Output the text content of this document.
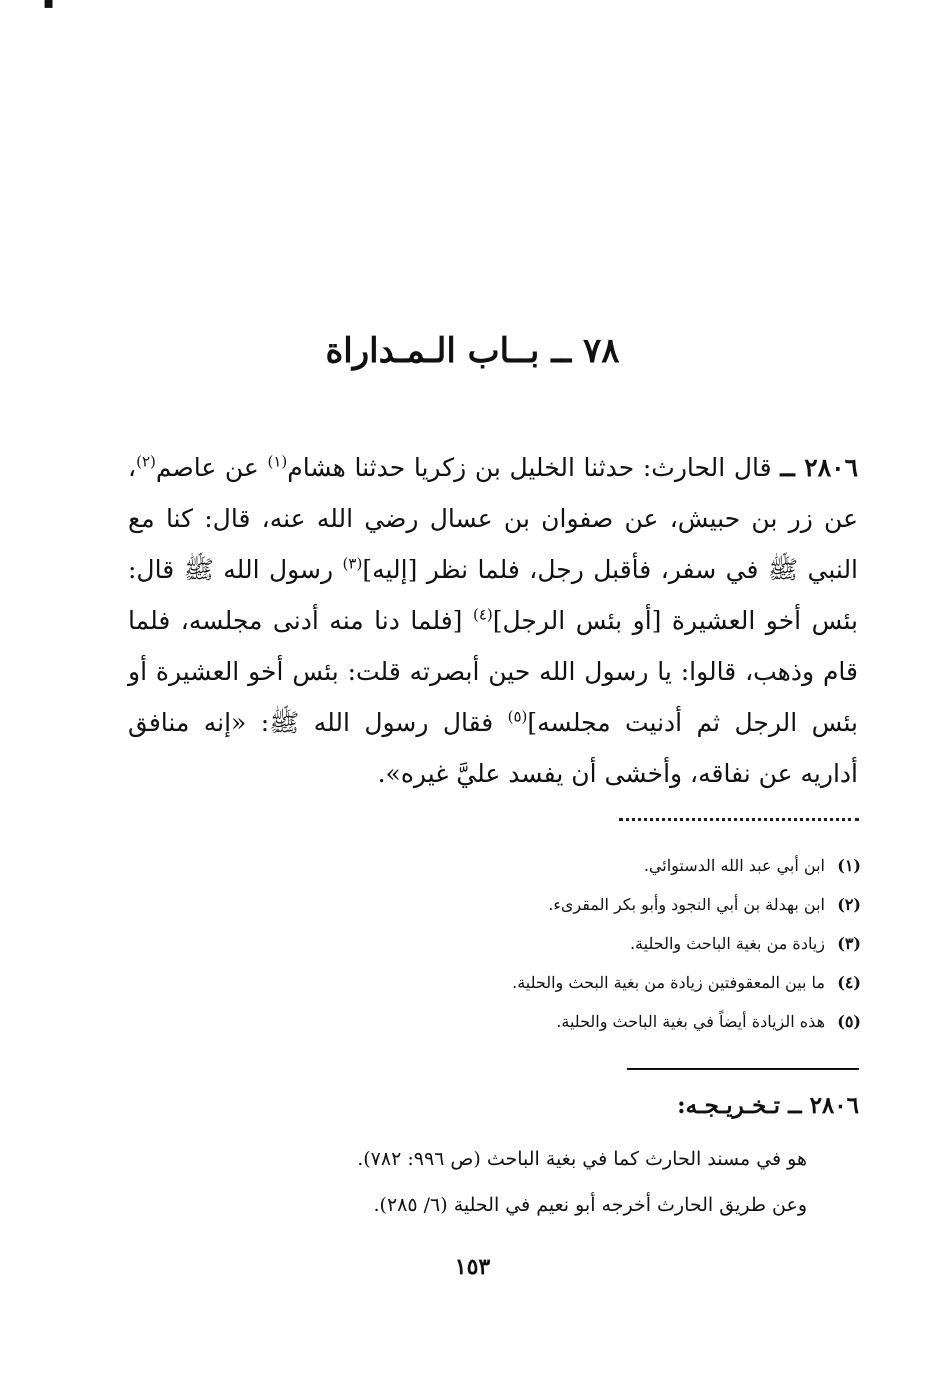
▪
٧٨ ــ بــاب الـمـداراة
٢٨٠٦ ــ قال الحارث: حدثنا الخليل بن زكريا حدثنا هشام$^{(١)}$ عن عاصم$^{(٢)}$، عن زر بن حبيش، عن صفوان بن عسال رضي الله عنه، قال: كنا مع النبي ﷺ في سفر، فأقبل رجل، فلما نظر [إليه]$^{(٣)}$ رسول الله ﷺ قال: بئس أخو العشيرة [أو بئس الرجل]$^{(٤)}$ [فلما دنا منه أدنى مجلسه، فلما قام وذهب، قالوا: يا رسول الله حين أبصرته قلت: بئس أخو العشيرة أو بئس الرجل ثم أدنيت مجلسه]$^{(٥)}$ فقال رسول الله ﷺ: «إنه منافق أداريه عن نفاقه، وأخشى أن يفسد عليَّ غيره».
(١)ابن أبي عبد الله الدستوائي.
(٢)ابن بهدلة بن أبي النجود وأبو بكر المقرىء.
(٣)زيادة من بغية الباحث والحلية.
(٤)ما بين المعقوفتين زيادة من بغية البحث والحلية.
(٥)هذه الزيادة أيضاً في بغية الباحث والحلية.
٢٨٠٦ ــ تـخـريـجـه:
هو في مسند الحارث كما في بغية الباحث (ص ٩٩٦: ٧٨٢).
وعن طريق الحارث أخرجه أبو نعيم في الحلية (٦/ ٢٨٥).
١٥٣
